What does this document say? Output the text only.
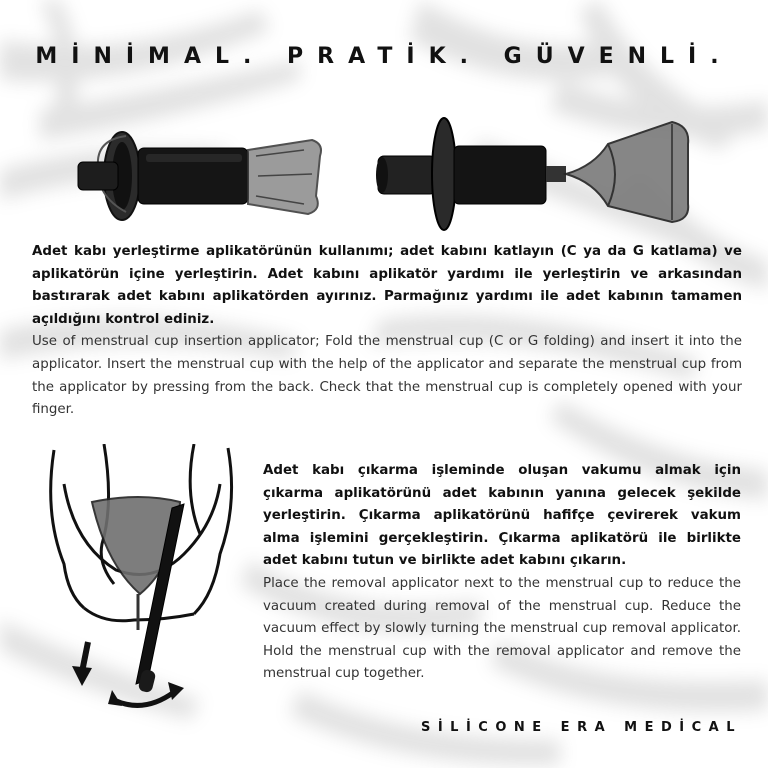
MİNİMAL. PRATİK. GÜVENLİ.
Adet kabı yerleştirme aplikatörünün kullanımı; adet kabını katlayın (C ya da G katlama) ve aplikatörün içine yerleştirin. Adet kabını aplikatör yardımı ile yerleştirin ve arkasından bastırarak adet kabını aplikatörden ayırınız. Parmağınız yardımı ile adet kabının tamamen açıldığını kontrol ediniz.
Use of menstrual cup insertion applicator; Fold the menstrual cup (C or G folding) and insert it into the applicator. Insert the menstrual cup with the help of the applicator and separate the menstrual cup from the applicator by pressing from the back. Check that the menstrual cup is completely opened with your finger.
Adet kabı çıkarma işleminde oluşan vakumu almak için çıkarma aplikatörünü adet kabının yanına gelecek şekilde yerleştirin. Çıkarma aplikatörünü hafifçe çevirerek vakum alma işlemini gerçekleştirin. Çıkarma aplikatörü ile birlikte adet kabını tutun ve birlikte adet kabını çıkarın.
Place the removal applicator next to the menstrual cup to reduce the vacuum created during removal of the menstrual cup. Reduce the vacuum effect by slowly turning the menstrual cup removal applicator. Hold the menstrual cup with the removal applicator and remove the menstrual cup together.
SİLİCONE ERA MEDİCAL
